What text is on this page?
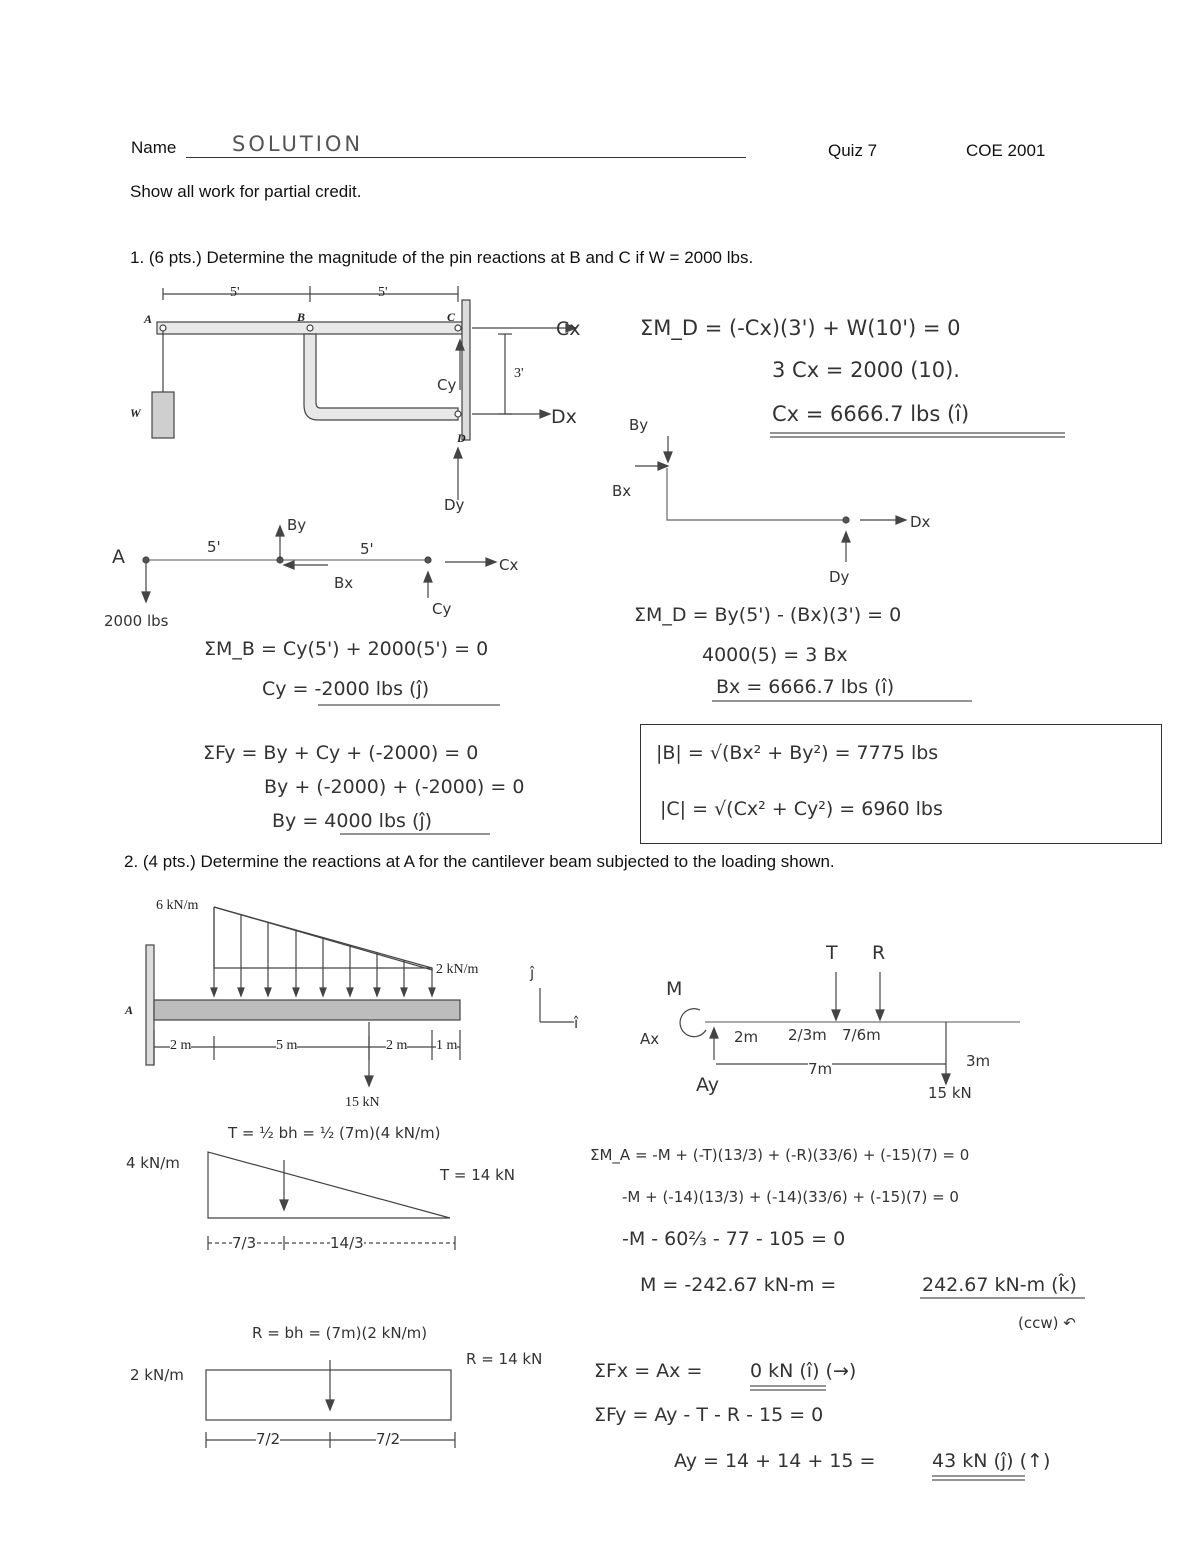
Name	SOLUTION	Quiz 7	COE 2001
Show all work for partial credit.
1. (6 pts.) Determine the magnitude of the pin reactions at B and C if W = 2000 lbs.
5'	5'
A	B	C
D
W
3'
Cx
Dx
Cy
Dy
A	5'	5'
By
Bx
Cx
Cy
2000 lbs
By
Bx
Dx
Dy
ΣM_D = (-Cx)(3') + W(10') = 0
3 Cx = 2000 (10).
Cx = 6666.7 lbs (î)
ΣM_B = Cy(5') + 2000(5') = 0
Cy = -2000 lbs (ĵ)
ΣM_D = By(5') - (Bx)(3') = 0
4000(5) = 3 Bx
Bx = 6666.7 lbs (î)
ΣFy = By + Cy + (-2000) = 0
By + (-2000) + (-2000) = 0
By = 4000 lbs (ĵ)
|B| = √(Bx² + By²) = 7775 lbs
|C| = √(Cx² + Cy²) = 6960 lbs
2. (4 pts.) Determine the reactions at A for the cantilever beam subjected to the loading shown.
6 kN/m
2 kN/m
A
2 m	5 m	2 m 1 m
15 kN
ĵ
î
M
Ax
Ay
T R
2m 2/3m 7/6m
7m	3m
15 kN
T = ½ bh = ½ (7m)(4 kN/m)
4 kN/m
T = 14 kN
7/3	14/3
R = bh = (7m)(2 kN/m)
2 kN/m
R = 14 kN
7/2	7/2
ΣM_A = -M + (-T)(13/3) + (-R)(33/6) + (-15)(7) = 0
-M + (-14)(13/3) + (-14)(33/6) + (-15)(7) = 0
-M - 60⅔ - 77 - 105 = 0
M = -242.67 kN-m =	242.67 kN-m (k̂)
(ccw) ↶
ΣFx = Ax =	0 kN (î) (→)
ΣFy = Ay - T - R - 15 = 0
Ay = 14 + 14 + 15 =	43 kN (ĵ) (↑)
